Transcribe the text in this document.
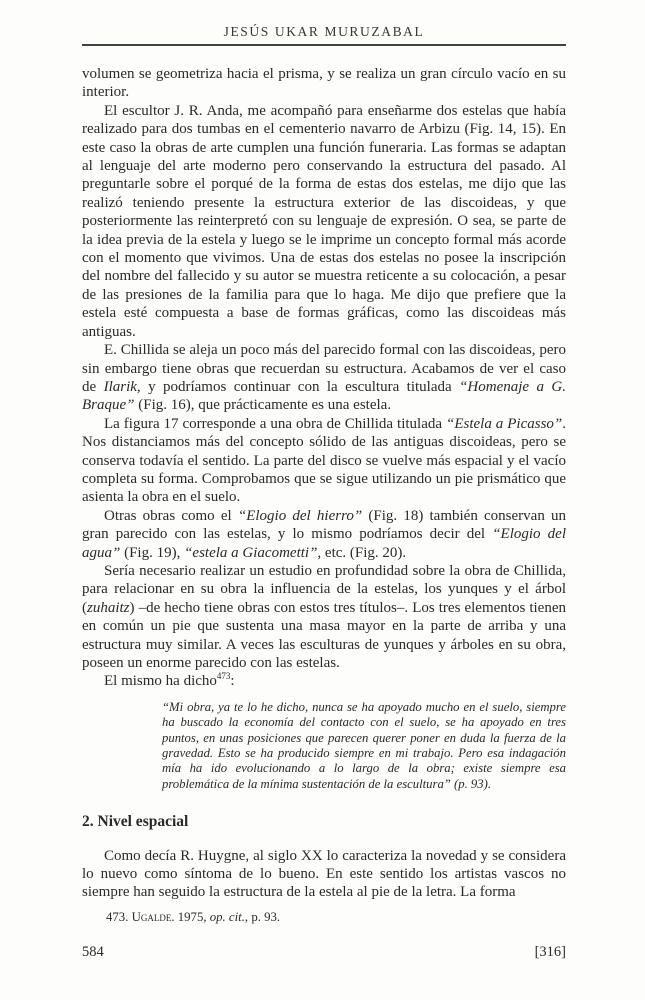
JESÚS UKAR MURUZABAL

volumen se geometriza hacia el prisma, y se realiza un gran círculo vacío en su interior.

El escultor J. R. Anda, me acompañó para enseñarme dos estelas que había realizado para dos tumbas en el cementerio navarro de Arbizu (Fig. 14, 15). En este caso la obras de arte cumplen una función funeraria. Las formas se adaptan al lenguaje del arte moderno pero conservando la estructura del pasado. Al preguntarle sobre el porqué de la forma de estas dos estelas, me dijo que las realizó teniendo presente la estructura exterior de las discoideas, y que posteriormente las reinterpretó con su lenguaje de expresión. O sea, se parte de la idea previa de la estela y luego se le imprime un concepto formal más acorde con el momento que vivimos. Una de estas dos estelas no posee la inscripción del nombre del fallecido y su autor se muestra reticente a su colocación, a pesar de las presiones de la familia para que lo haga. Me dijo que prefiere que la estela esté compuesta a base de formas gráficas, como las discoideas más antiguas.

E. Chillida se aleja un poco más del parecido formal con las discoideas, pero sin embargo tiene obras que recuerdan su estructura. Acabamos de ver el caso de Ilarik, y podríamos continuar con la escultura titulada “Homenaje a G. Braque” (Fig. 16), que prácticamente es una estela.

La figura 17 corresponde a una obra de Chillida titulada “Estela a Picasso”. Nos distanciamos más del concepto sólido de las antiguas discoideas, pero se conserva todavía el sentido. La parte del disco se vuelve más espacial y el vacío completa su forma. Comprobamos que se sigue utilizando un pie prismático que asienta la obra en el suelo.

Otras obras como el “Elogio del hierro” (Fig. 18) también conservan un gran parecido con las estelas, y lo mismo podríamos decir del “Elogio del agua” (Fig. 19), “estela a Giacometti”, etc. (Fig. 20).

Sería necesario realizar un estudio en profundidad sobre la obra de Chillida, para relacionar en su obra la influencia de la estelas, los yunques y el árbol (zuhaitz) –de hecho tiene obras con estos tres títulos–. Los tres elementos tienen en común un pie que sustenta una masa mayor en la parte de arriba y una estructura muy similar. A veces las esculturas de yunques y árboles en su obra, poseen un enorme parecido con las estelas.

El mismo ha dicho$^{473}$:

“Mi obra, ya te lo he dicho, nunca se ha apoyado mucho en el suelo, siempre ha buscado la economía del contacto con el suelo, se ha apoyado en tres puntos, en unas posiciones que parecen querer poner en duda la fuerza de la gravedad. Esto se ha producido siempre en mi trabajo. Pero esa indagación mía ha ido evolucionando a lo largo de la obra; existe siempre esa problemática de la mínima sustentación de la escultura” (p. 93).
2. Nivel espacial

Como decía R. Huygne, al siglo XX lo caracteriza la novedad y se considera lo nuevo como síntoma de lo bueno. En este sentido los artistas vascos no siempre han seguido la estructura de la estela al pie de la letra. La forma

473. Ugalde. 1975, op. cit., p. 93.
584	[316]
